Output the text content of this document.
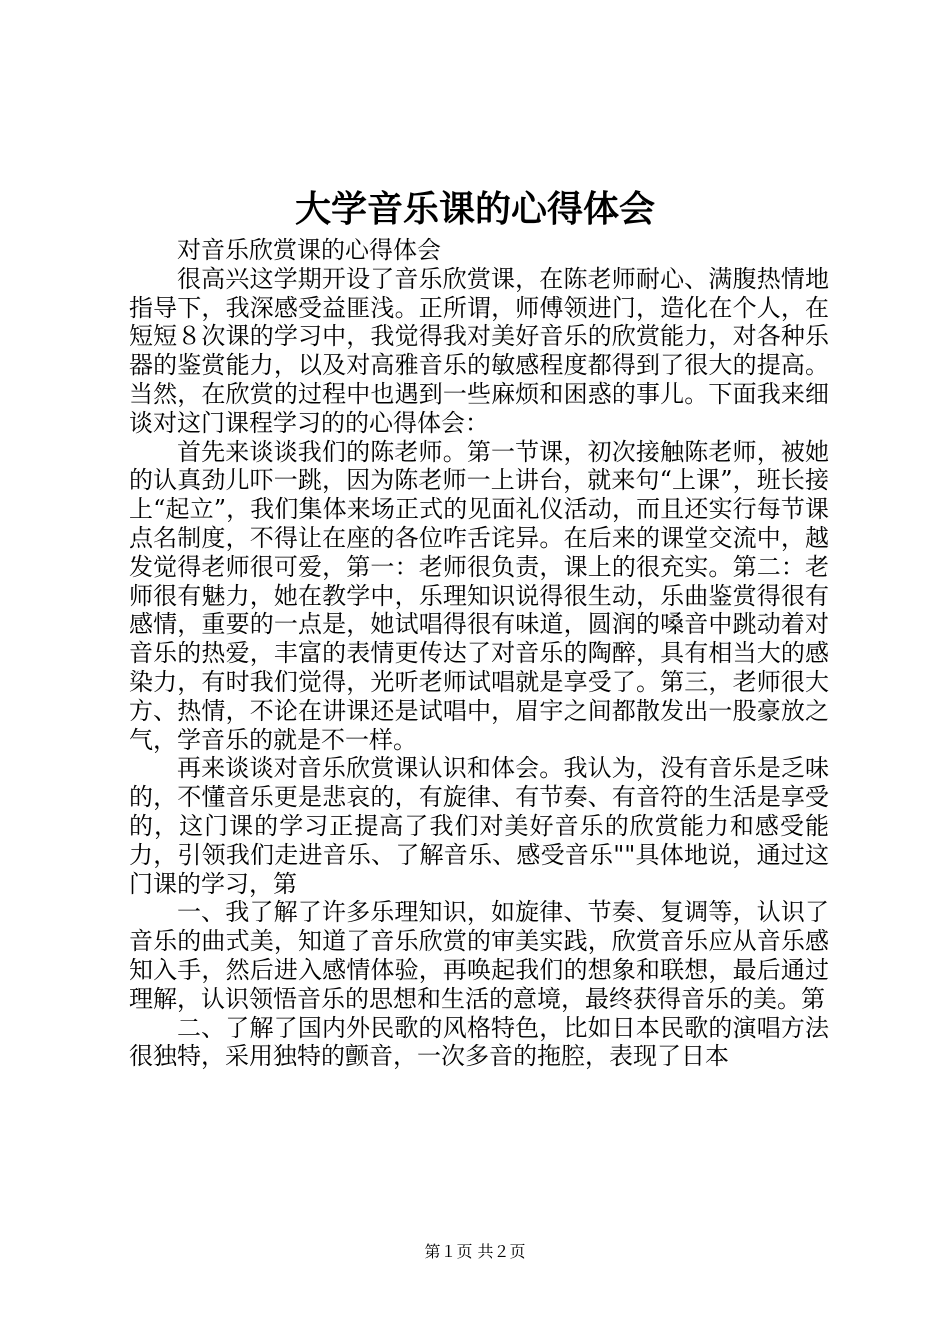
大学音乐课的心得体会

对音乐欣赏课的心得体会

很高兴这学期开设了音乐欣赏课，在陈老师耐心、满腹热情地指导下，我深感受益匪浅。正所谓，师傅领进门，造化在个人，在短短８次课的学习中，我觉得我对美好音乐的欣赏能力，对各种乐器的鉴赏能力，以及对高雅音乐的敏感程度都得到了很大的提高。当然，在欣赏的过程中也遇到一些麻烦和困惑的事儿。下面我来细谈对这门课程学习的的心得体会：

首先来谈谈我们的陈老师。第一节课，初次接触陈老师，被她的认真劲儿吓一跳，因为陈老师一上讲台，就来句“上课”，班长接上“起立”，我们集体来场正式的见面礼仪活动，而且还实行每节课点名制度，不得让在座的各位咋舌诧异。在后来的课堂交流中，越发觉得老师很可爱，第一：老师很负责，课上的很充实。第二：老师很有魅力，她在教学中，乐理知识说得很生动，乐曲鉴赏得很有感情，重要的一点是，她试唱得很有味道，圆润的嗓音中跳动着对音乐的热爱，丰富的表情更传达了对音乐的陶醉，具有相当大的感染力，有时我们觉得，光听老师试唱就是享受了。第三，老师很大方、热情，不论在讲课还是试唱中，眉宇之间都散发出一股豪放之气，学音乐的就是不一样。

再来谈谈对音乐欣赏课认识和体会。我认为，没有音乐是乏味的，不懂音乐更是悲哀的，有旋律、有节奏、有音符的生活是享受的，这门课的学习正提高了我们对美好音乐的欣赏能力和感受能力，引领我们走进音乐、了解音乐、感受音乐""具体地说，通过这门课的学习，第

一、我了解了许多乐理知识，如旋律、节奏、复调等，认识了音乐的曲式美，知道了音乐欣赏的审美实践，欣赏音乐应从音乐感知入手，然后进入感情体验，再唤起我们的想象和联想，最后通过理解，认识领悟音乐的思想和生活的意境，最终获得音乐的美。第

二、了解了国内外民歌的风格特色，比如日本民歌的演唱方法很独特，采用独特的颤音，一次多音的拖腔，表现了日本

第１页 共２页
